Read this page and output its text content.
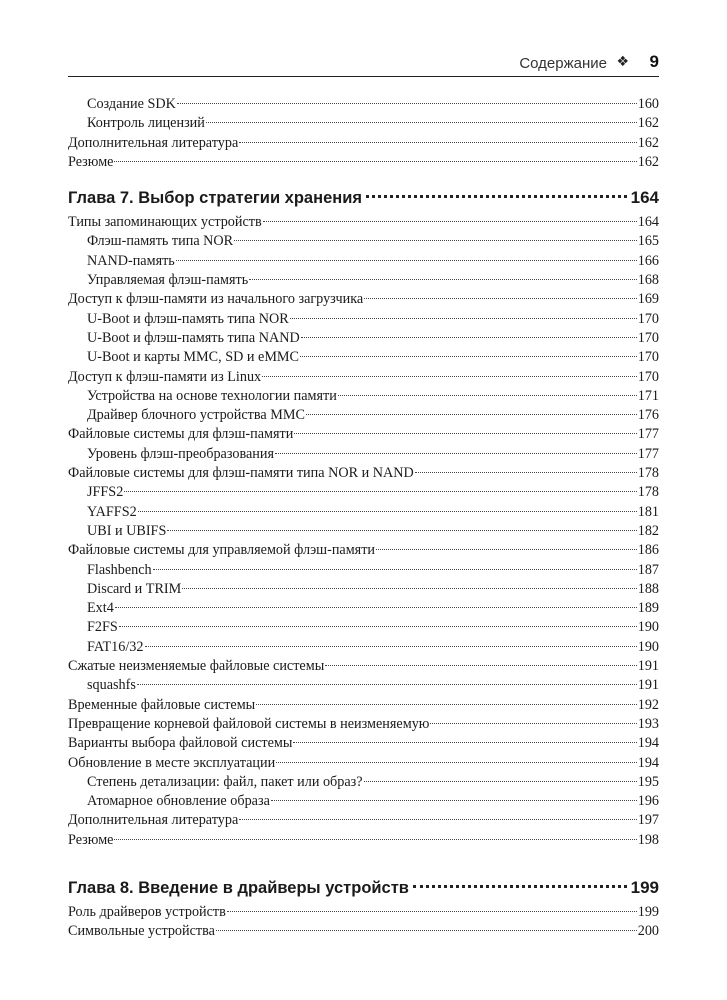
Содержание ❖ 9
Создание SDK	160
Контроль лицензий	162
Дополнительная литература	162
Резюме	162
Глава 7. Выбор стратегии хранения	164
Типы запоминающих устройств	164
Флэш-память типа NOR	165
NAND-память	166
Управляемая флэш-память	168
Доступ к флэш-памяти из начального загрузчика	169
U-Boot и флэш-память типа NOR	170
U-Boot и флэш-память типа NAND	170
U-Boot и карты MMC, SD и eMMC	170
Доступ к флэш-памяти из Linux	170
Устройства на основе технологии памяти	171
Драйвер блочного устройства MMC	176
Файловые системы для флэш-памяти	177
Уровень флэш-преобразования	177
Файловые системы для флэш-памяти типа NOR и NAND	178
JFFS2	178
YAFFS2	181
UBI и UBIFS	182
Файловые системы для управляемой флэш-памяти	186
Flashbench	187
Discard и TRIM	188
Ext4	189
F2FS	190
FAT16/32	190
Сжатые неизменяемые файловые системы	191
squashfs	191
Временные файловые системы	192
Превращение корневой файловой системы в неизменяемую	193
Варианты выбора файловой системы	194
Обновление в месте эксплуатации	194
Степень детализации: файл, пакет или образ?	195
Атомарное обновление образа	196
Дополнительная литература	197
Резюме	198
Глава 8. Введение в драйверы устройств	199
Роль драйверов устройств	199
Символьные устройства	200
